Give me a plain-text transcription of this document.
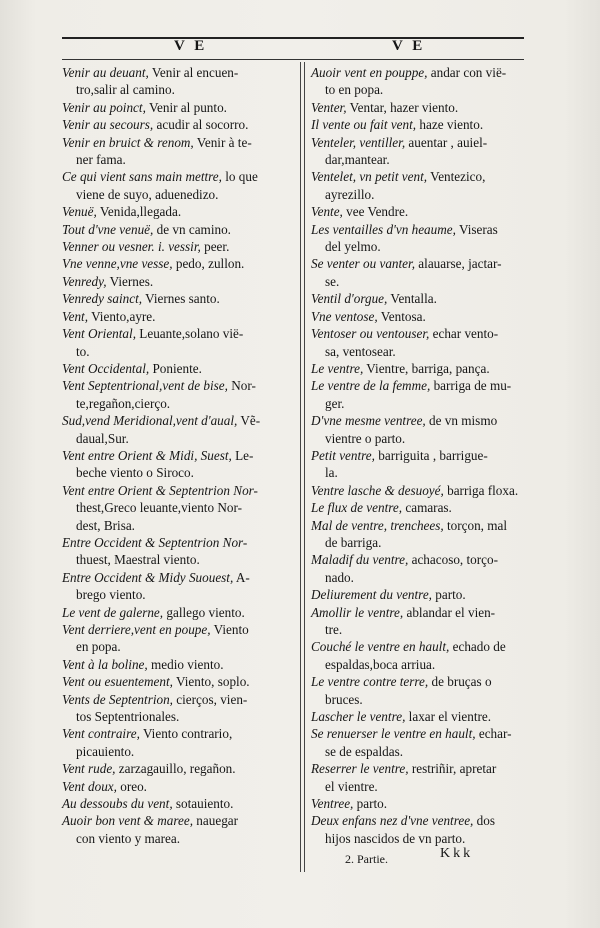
V E	V E

Venir au deuant, Venir al encuen-

tro,salir al camino.

Venir au poinct, Venir al punto.

Venir au secours, acudir al socorro.

Venir en bruict & renom, Venir à te-

ner fama.

Ce qui vient sans main mettre, lo que

viene de suyo, aduenedizo.

Venuë, Venida,llegada.

Tout d'vne venuë, de vn camino.

Venner ou vesner. i. vessir, peer.

Vne venne,vne vesse, pedo, zullon.

Venredy, Viernes.

Venredy sainct, Viernes santo.

Vent, Viento,ayre.

Vent Oriental, Leuante,solano vië-

to.

Vent Occidental, Poniente.

Vent Septentrional,vent de bise, Nor-

te,regañon,cierço.

Sud,vend Meridional,vent d'aual, Vẽ-

daual,Sur.

Vent entre Orient & Midi, Suest, Le-

beche viento o Siroco.

Vent entre Orient & Septentrion Nor-

thest,Greco leuante,viento Nor-

dest, Brisa.

Entre Occident & Septentrion Nor-

thuest, Maestral viento.

Entre Occident & Midy Suouest, A-

brego viento.

Le vent de galerne, gallego viento.

Vent derriere,vent en poupe, Viento

en popa.

Vent à la boline, medio viento.

Vent ou esuentement, Viento, soplo.

Vents de Septentrion, cierços, vien-

tos Septentrionales.

Vent contraire, Viento contrario,

picauiento.

Vent rude, zarzagauillo, regañon.

Vent doux, oreo.

Au dessoubs du vent, sotauiento.

Auoir bon vent & maree, nauegar

con viento y marea.

Auoir vent en pouppe, andar con vië-

to en popa.

Venter, Ventar, hazer viento.

Il vente ou fait vent, haze viento.

Venteler, ventiller, auentar , auiel-

dar,mantear.

Ventelet, vn petit vent, Ventezico,

ayrezillo.

Vente, vee Vendre.

Les ventailles d'vn heaume, Viseras

del yelmo.

Se venter ou vanter, alauarse, jactar-

se.

Ventil d'orgue, Ventalla.

Vne ventose, Ventosa.

Ventoser ou ventouser, echar vento-

sa, ventosear.

Le ventre, Vientre, barriga, pança.

Le ventre de la femme, barriga de mu-

ger.

D'vne mesme ventree, de vn mismo

vientre o parto.

Petit ventre, barriguita , barrigue-

la.

Ventre lasche & desuoyé, barriga floxa.

Le flux de ventre, camaras.

Mal de ventre, trenchees, torçon, mal

de barriga.

Maladif du ventre, achacoso, torço-

nado.

Deliurement du ventre, parto.

Amollir le ventre, ablandar el vien-

tre.

Couché le ventre en hault, echado de

espaldas,boca arriua.

Le ventre contre terre, de bruças o

bruces.

Lascher le ventre, laxar el vientre.

Se renuerser le ventre en hault, echar-

se de espaldas.

Reserrer le ventre, restriñir, apretar

el vientre.

Ventree, parto.

Deux enfans nez d'vne ventree, dos

hijos nascidos de vn parto.

2. Partie.	Kkk
